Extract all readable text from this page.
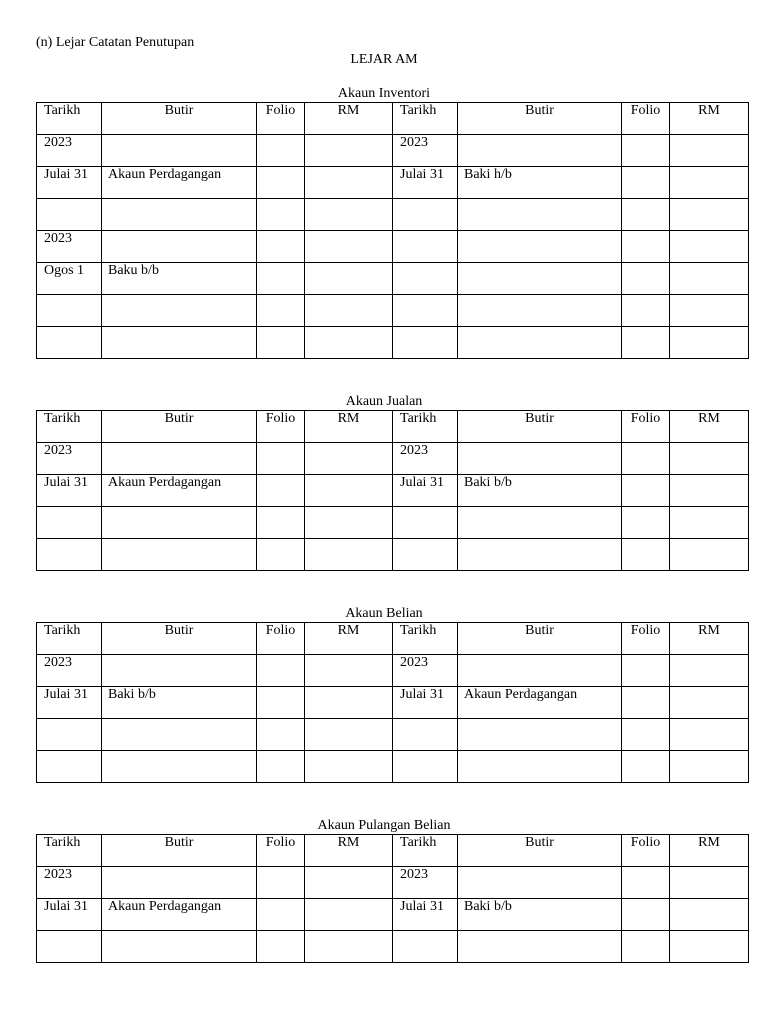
(n) Lejar Catatan Penutupan
LEJAR AM
Akaun Inventori
Tarikh	Butir	Folio	RM	Tarikh	Butir	Folio	RM
2023				2023			
Julai 31	Akaun Perdagangan			Julai 31	Baki h/b		

2023							
Ogos 1	Baku b/b						

Akaun Jualan
Tarikh	Butir	Folio	RM	Tarikh	Butir	Folio	RM
2023				2023			
Julai 31	Akaun Perdagangan			Julai 31	Baki b/b		

Akaun Belian
Tarikh	Butir	Folio	RM	Tarikh	Butir	Folio	RM
2023				2023			
Julai 31	Baki b/b			Julai 31	Akaun Perdagangan		

Akaun Pulangan Belian
Tarikh	Butir	Folio	RM	Tarikh	Butir	Folio	RM
2023				2023			
Julai 31	Akaun Perdagangan			Julai 31	Baki b/b		
